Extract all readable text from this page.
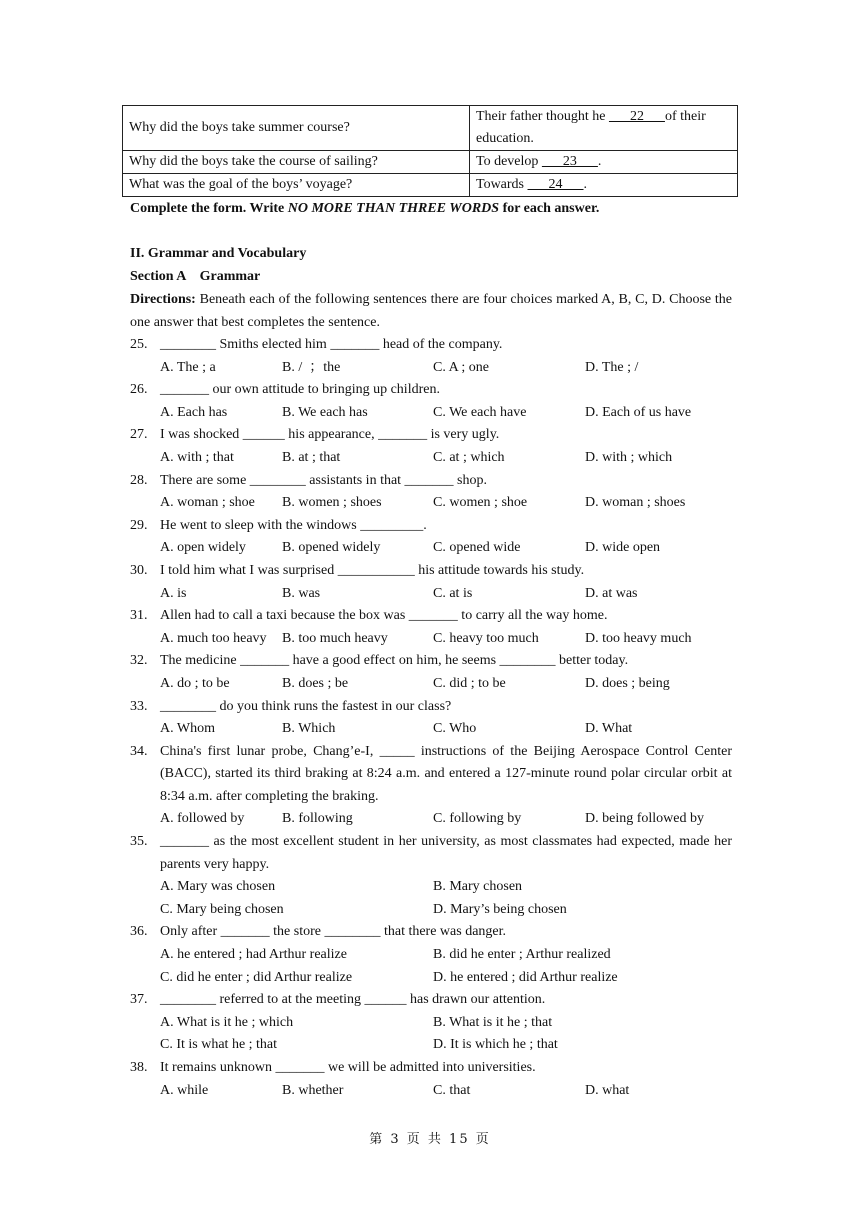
Why did the boys take summer course?	Their father thought he       22      of their education.
Why did the boys take the course of sailing?	To develop       23      .
What was the goal of the boys’ voyage?	Towards       24      .
Complete the form. Write NO MORE THAN THREE WORDS for each answer.
II. Grammar and Vocabulary
Section A    Grammar
Directions: Beneath each of the following sentences there are four choices marked A, B, C, D. Choose the one answer that best completes the sentence.
25. ________ Smiths elected him _______ head of the company.
A. The ; a	B. /  ；the	C. A ; one	D. The ; /
26. _______ our own attitude to bringing up children.
A. Each has	B. We each has	C. We each have	D. Each of us have
27. I was shocked ______ his appearance, _______ is very ugly.
A. with ; that	B. at ; that	C. at ; which	D. with ; which
28. There are some ________ assistants in that _______ shop.
A. woman ; shoe	B. women ; shoes	C. women ; shoe	D. woman ; shoes
29. He went to sleep with the windows _________.
A. open widely	B. opened widely	C. opened wide	D. wide open
30. I told him what I was surprised ___________ his attitude towards his study.
A. is	B. was	C. at is	D. at was
31. Allen had to call a taxi because the box was _______ to carry all the way home.
A. much too heavy	B. too much heavy	C. heavy too much	D. too heavy much
32. The medicine _______ have a good effect on him, he seems ________ better today.
A. do ; to be	B. does ; be	C. did ; to be	D. does ; being
33. ________ do you think runs the fastest in our class?
A. Whom	B. Which	C. Who	D. What
34. China's first lunar probe, Chang’e-I, _____ instructions of the Beijing Aerospace Control Center (BACC), started its third braking at 8:24 a.m. and entered a 127-minute round polar circular orbit at 8:34 a.m. after completing the braking.
A. followed by	B. following	C. following by	D. being followed by
35. _______ as the most excellent student in her university, as most classmates had expected, made her parents very happy.
A. Mary was chosen	B. Mary chosen
C. Mary being chosen	D. Mary’s being chosen
36. Only after _______ the store ________ that there was danger.
A. he entered ; had Arthur realize	B. did he enter ; Arthur realized
C. did he enter ; did Arthur realize	D. he entered ; did Arthur realize
37. ________ referred to at the meeting ______ has drawn our attention.
A. What is it he ; which	B. What is it he ; that
C. It is what he ; that	D. It is which he ; that
38. It remains unknown _______ we will be admitted into universities.
A. while	B. whether	C. that	D. what
第 3 页 共 15 页
